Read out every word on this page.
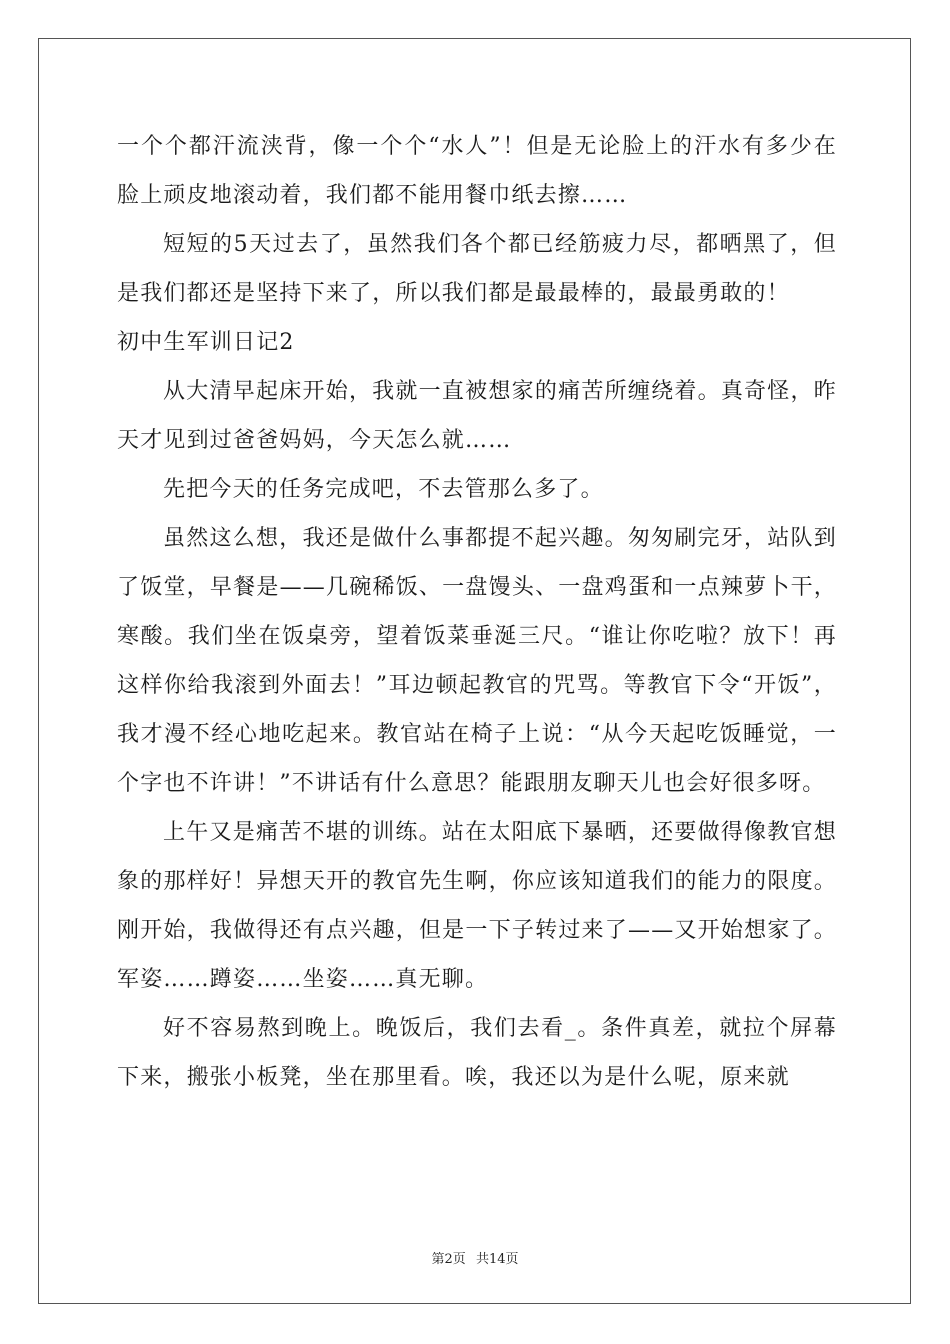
一个个都汗流浃背，像一个个“水人”！但是无论脸上的汗水有多少在脸上顽皮地滚动着，我们都不能用餐巾纸去擦……

短短的5天过去了，虽然我们各个都已经筋疲力尽，都晒黑了，但是我们都还是坚持下来了，所以我们都是最最棒的，最最勇敢的！

初中生军训日记2

从大清早起床开始，我就一直被想家的痛苦所缠绕着。真奇怪，昨天才见到过爸爸妈妈，今天怎么就……

先把今天的任务完成吧，不去管那么多了。

虽然这么想，我还是做什么事都提不起兴趣。匆匆刷完牙，站队到了饭堂，早餐是——几碗稀饭、一盘馒头、一盘鸡蛋和一点辣萝卜干，寒酸。我们坐在饭桌旁，望着饭菜垂涎三尺。“谁让你吃啦？放下！再这样你给我滚到外面去！”耳边顿起教官的咒骂。等教官下令“开饭”，我才漫不经心地吃起来。教官站在椅子上说：“从今天起吃饭睡觉，一个字也不许讲！”不讲话有什么意思？能跟朋友聊天儿也会好很多呀。

上午又是痛苦不堪的训练。站在太阳底下暴晒，还要做得像教官想象的那样好！异想天开的教官先生啊，你应该知道我们的能力的限度。刚开始，我做得还有点兴趣，但是一下子转过来了——又开始想家了。军姿……蹲姿……坐姿……真无聊。

好不容易熬到晚上。晚饭后，我们去看_。条件真差，就拉个屏幕下来，搬张小板凳，坐在那里看。唉，我还以为是什么呢，原来就

第2页 共14页
